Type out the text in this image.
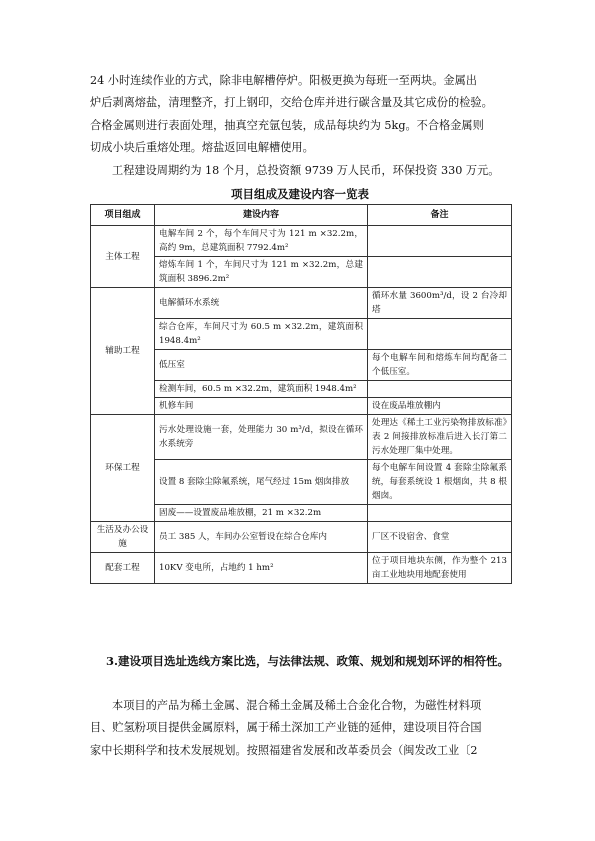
24 小时连续作业的方式，除非电解槽停炉。阳极更换为每班一至两块。金属出

炉后剥离熔盐，清理整齐，打上钢印，交给仓库并进行碳含量及其它成份的检验。

合格金属则进行表面处理，抽真空充氩包装，成品每块约为 5kg。不合格金属则

切成小块后重熔处理。熔盐返回电解槽使用。

工程建设周期约为 18 个月，总投资额 9739 万人民币，环保投资 330 万元。

项目组成及建设内容一览表
项目组成	建设内容	备注
主体工程	电解车间 2 个，每个车间尺寸为 121 m ×32.2m，高约 9m，总建筑面积 7792.4m²	
	熔炼车间 1 个，车间尺寸为 121 m ×32.2m，总建筑面积 3896.2m²	
辅助工程	电解循环水系统	循环水量 3600m³/d，设 2 台冷却塔
	综合仓库，车间尺寸为 60.5 m ×32.2m，建筑面积 1948.4m²	
	低压室	每个电解车间和熔炼车间均配备二个低压室。
	检测车间，60.5 m ×32.2m，建筑面积 1948.4m²	
	机修车间	设在废品堆放棚内
环保工程	污水处理设施一套，处理能力 30 m³/d，拟设在循环水系统旁	处理达《稀土工业污染物排放标准》表 2 间接排放标准后进入长汀第二污水处理厂集中处理。
	设置 8 套除尘除氟系统，尾气经过 15m 烟囱排放	每个电解车间设置 4 套除尘除氟系统，每套系统设 1 根烟囱，共 8 根烟囱。
	固废——设置废品堆放棚，21 m ×32.2m	
生活及办公设施	员工 385 人，车间办公室暂设在综合仓库内	厂区不设宿舍、食堂
配套工程	10KV 变电所，占地约 1 hm²	位于项目地块东侧，作为整个 213 亩工业地块用地配套使用
3.建设项目选址选线方案比选，与法律法规、政策、规划和规划环评的相符性。

本项目的产品为稀土金属、混合稀土金属及稀土合金化合物，为磁性材料项

目、贮氢粉项目提供金属原料，属于稀土深加工产业链的延伸，建设项目符合国

家中长期科学和技术发展规划。按照福建省发展和改革委员会（闽发改工业〔2
